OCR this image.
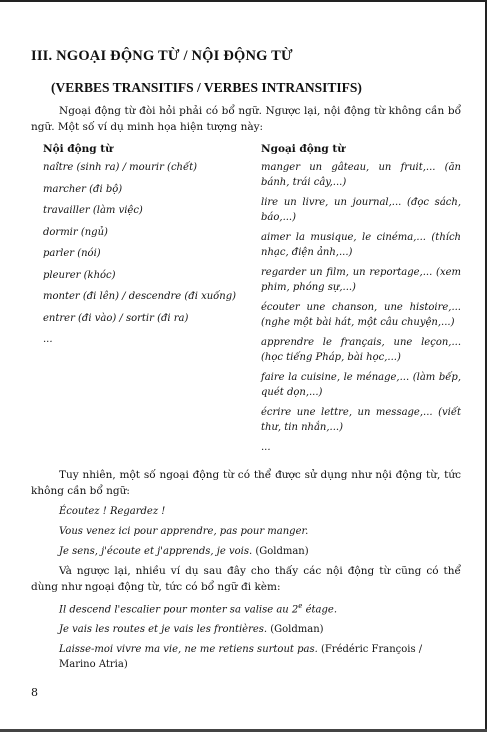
III. NGOẠI ĐỘNG TỪ / NỘI ĐỘNG TỪ
(VERBES TRANSITIFS / VERBES INTRANSITIFS)

Ngoại động từ đòi hỏi phải có bổ ngữ. Ngược lại, nội động từ không cần bổ ngữ. Một số ví dụ minh họa hiện tượng này:

Nội động từ
naître (sinh ra) / mourir (chết)
marcher (đi bộ)
travailler (làm việc)
dormir (ngủ)
parler (nói)
pleurer (khóc)
monter (đi lên) / descendre (đi xuống)
entrer (đi vào) / sortir (đi ra)
...
Ngoại động từ
manger un gâteau, un fruit,... (ăn bánh, trái cây,...)
lire un livre, un journal,... (đọc sách, báo,...)
aimer la musique, le cinéma,... (thích nhạc, điện ảnh,...)
regarder un film, un reportage,... (xem phim, phóng sự,...)
écouter une chanson, une histoire,... (nghe một bài hát, một câu chuyện,...)
apprendre le français, une leçon,... (học tiếng Pháp, bài học,...)
faire la cuisine, le ménage,... (làm bếp, quét dọn,...)
écrire une lettre, un message,... (viết thư, tin nhắn,...)
...

Tuy nhiên, một số ngoại động từ có thể được sử dụng như nội động từ, tức không cần bổ ngữ:

Écoutez ! Regardez !
Vous venez ici pour apprendre, pas pour manger.
Je sens, j'écoute et j'apprends, je vois. (Goldman)

Và ngược lại, nhiều ví dụ sau đây cho thấy các nội động từ cũng có thể dùng như ngoại động từ, tức có bổ ngữ đi kèm:

Il descend l'escalier pour monter sa valise au 2e étage.
Je vais les routes et je vais les frontières. (Goldman)
Laisse-moi vivre ma vie, ne me retiens surtout pas. (Frédéric François / Marino Atria)
8
